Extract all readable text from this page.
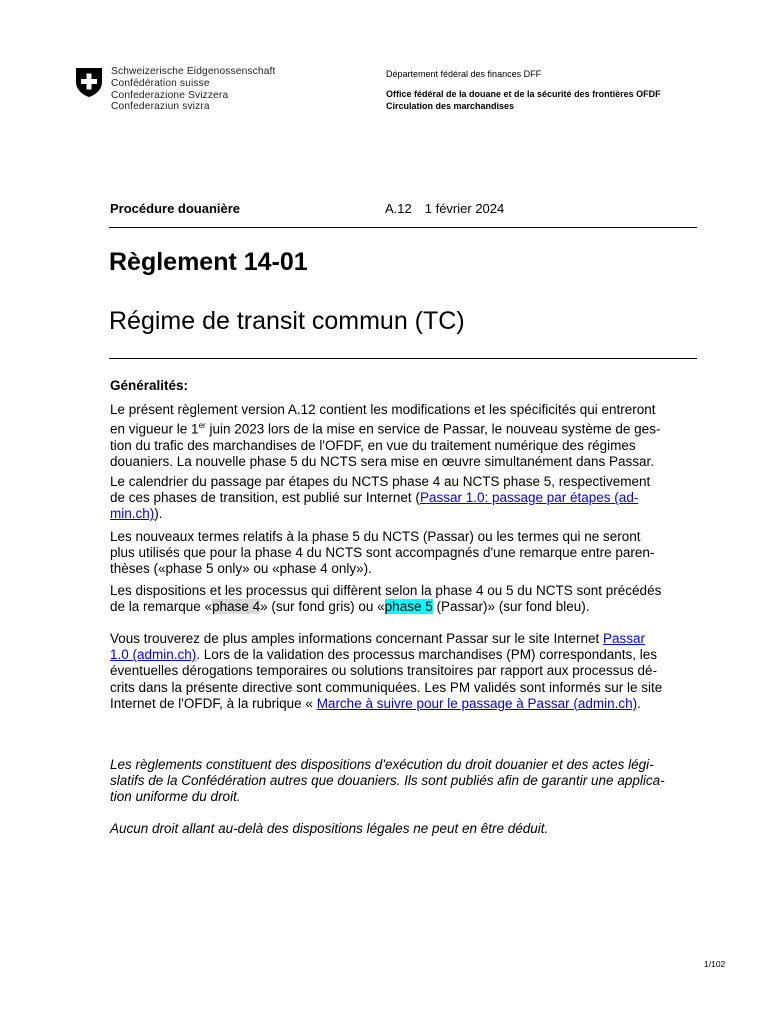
Schweizerische Eidgenossenschaft
Confédération suisse
Confederazione Svizzera
Confederaziun svizra
Département fédéral des finances DFF
Office fédéral de la douane et de la sécurité des frontières OFDF
Circulation des marchandises
Procédure douanière	A.12 1 février 2024
Règlement 14-01
Régime de transit commun (TC)
Généralités:
Le présent règlement version A.12 contient les modifications et les spécificités qui entreront
en vigueur le 1er juin 2023 lors de la mise en service de Passar, le nouveau système de ges-
tion du trafic des marchandises de l'OFDF, en vue du traitement numérique des régimes
douaniers. La nouvelle phase 5 du NCTS sera mise en œuvre simultanément dans Passar.
Le calendrier du passage par étapes du NCTS phase 4 au NCTS phase 5, respectivement
de ces phases de transition, est publié sur Internet (Passar 1.0: passage par étapes (ad-
min.ch)).
Les nouveaux termes relatifs à la phase 5 du NCTS (Passar) ou les termes qui ne seront
plus utilisés que pour la phase 4 du NCTS sont accompagnés d'une remarque entre paren-
thèses («phase 5 only» ou «phase 4 only»).
Les dispositions et les processus qui diffèrent selon la phase 4 ou 5 du NCTS sont précédés
de la remarque «phase 4» (sur fond gris) ou «phase 5 (Passar)» (sur fond bleu).
Vous trouverez de plus amples informations concernant Passar sur le site Internet Passar
1.0 (admin.ch). Lors de la validation des processus marchandises (PM) correspondants, les
éventuelles dérogations temporaires ou solutions transitoires par rapport aux processus dé-
crits dans la présente directive sont communiquées. Les PM validés sont informés sur le site
Internet de l'OFDF, à la rubrique « Marche à suivre pour le passage à Passar (admin.ch).
Les règlements constituent des dispositions d'exécution du droit douanier et des actes légi-
slatifs de la Confédération autres que douaniers. Ils sont publiés afin de garantir une applica-
tion uniforme du droit.
Aucun droit allant au-delà des dispositions légales ne peut en être déduit.
1/102
